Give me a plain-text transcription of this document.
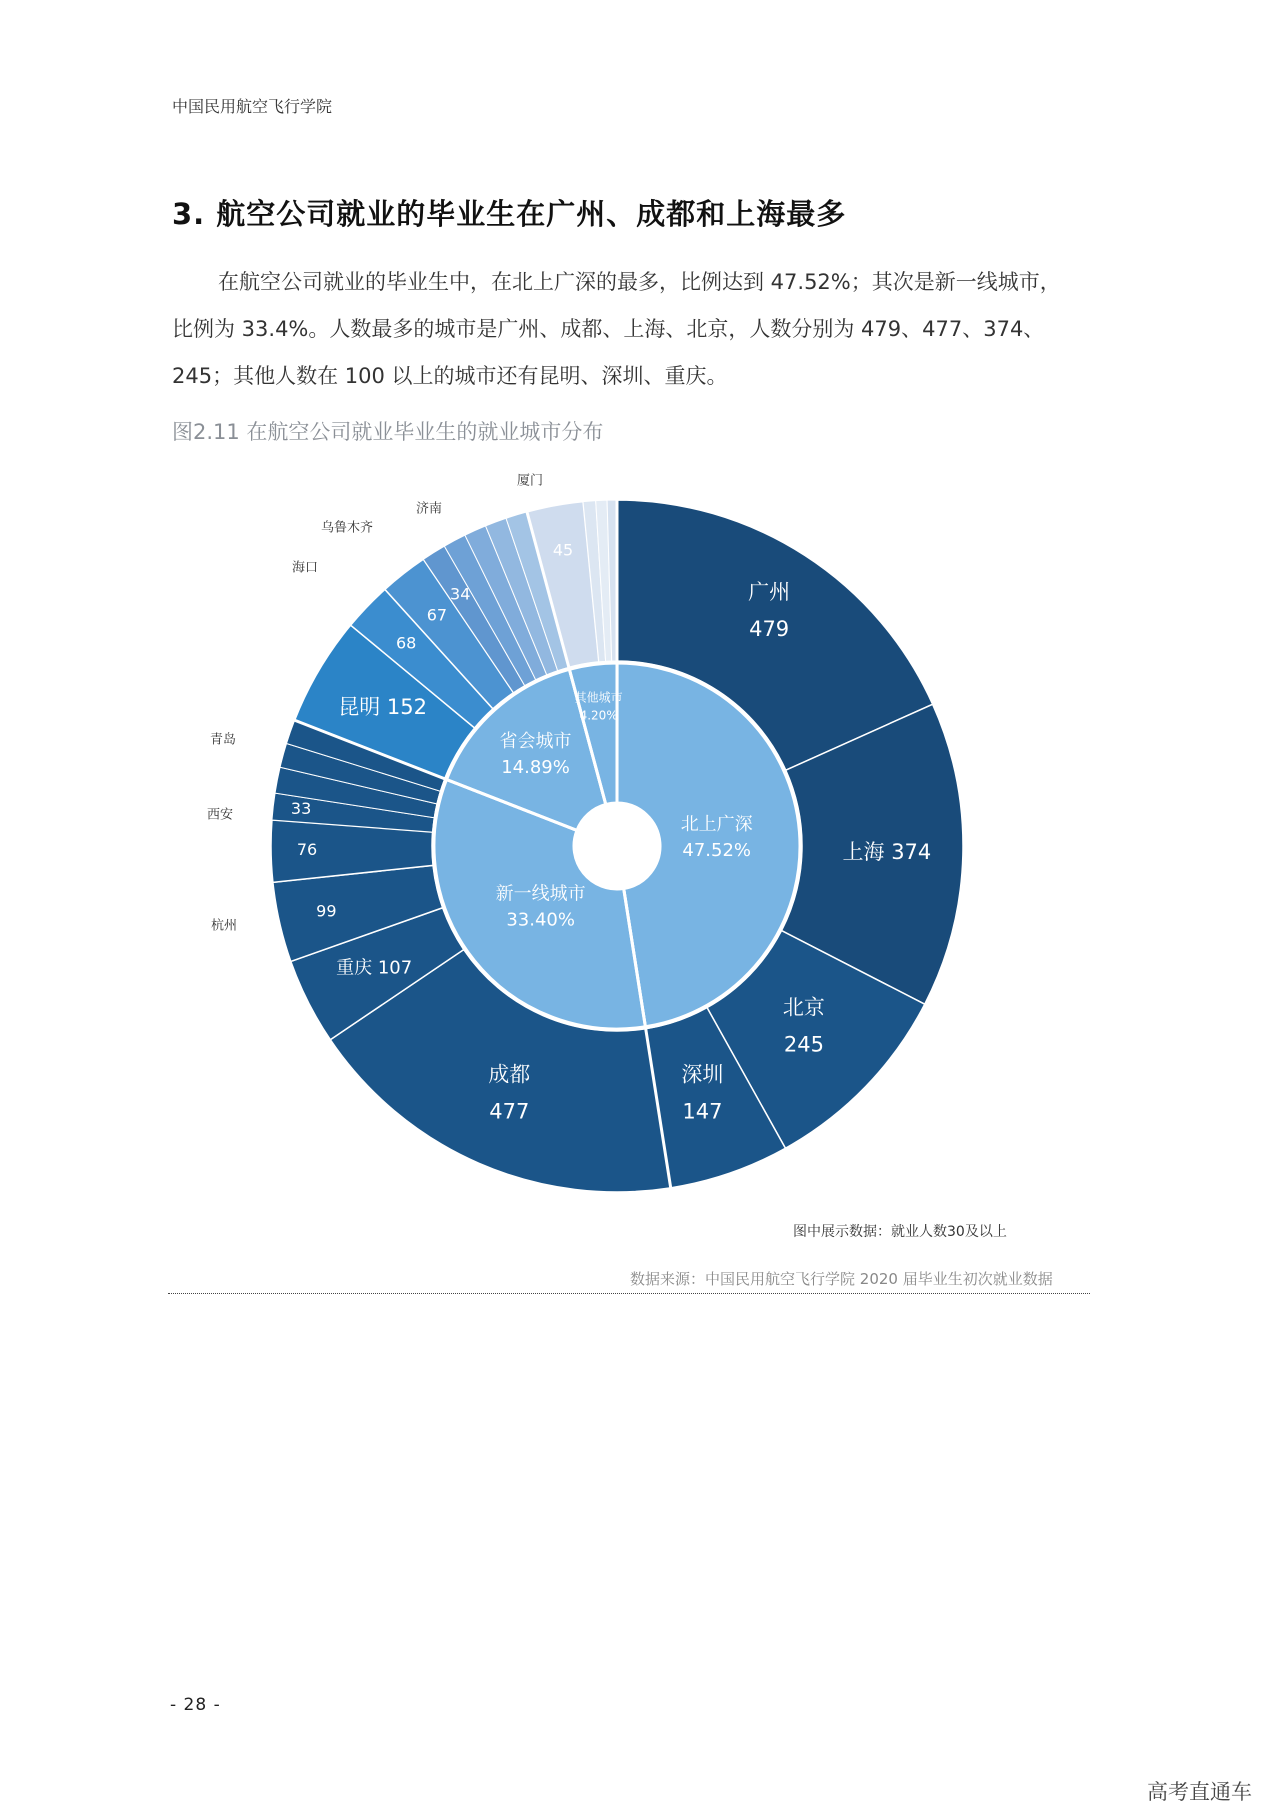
中国民用航空飞行学院
3. 航空公司就业的毕业生在广州、成都和上海最多
在航空公司就业的毕业生中，在北上广深的最多，比例达到 47.52%；其次是新一线城市，
比例为 33.4%。人数最多的城市是广州、成都、上海、北京，人数分别为 479、477、374、
245；其他人数在 100 以上的城市还有昆明、深圳、重庆。
图2.11 在航空公司就业毕业生的就业城市分布
广州
479
上海 374
北京
245
深圳
147
成都
477
重庆 107
99
杭州
76
西安	33
青岛
昆明 152
68
海口
67
乌鲁木齐
34
济南
45
厦门
北上广深
47.52%
新一线城市
33.40%
省会城市
14.89%
其他城市
4.20%
图中展示数据：就业人数30及以上
数据来源：中国民用航空飞行学院 2020 届毕业生初次就业数据
- 28 -
高考直通车
